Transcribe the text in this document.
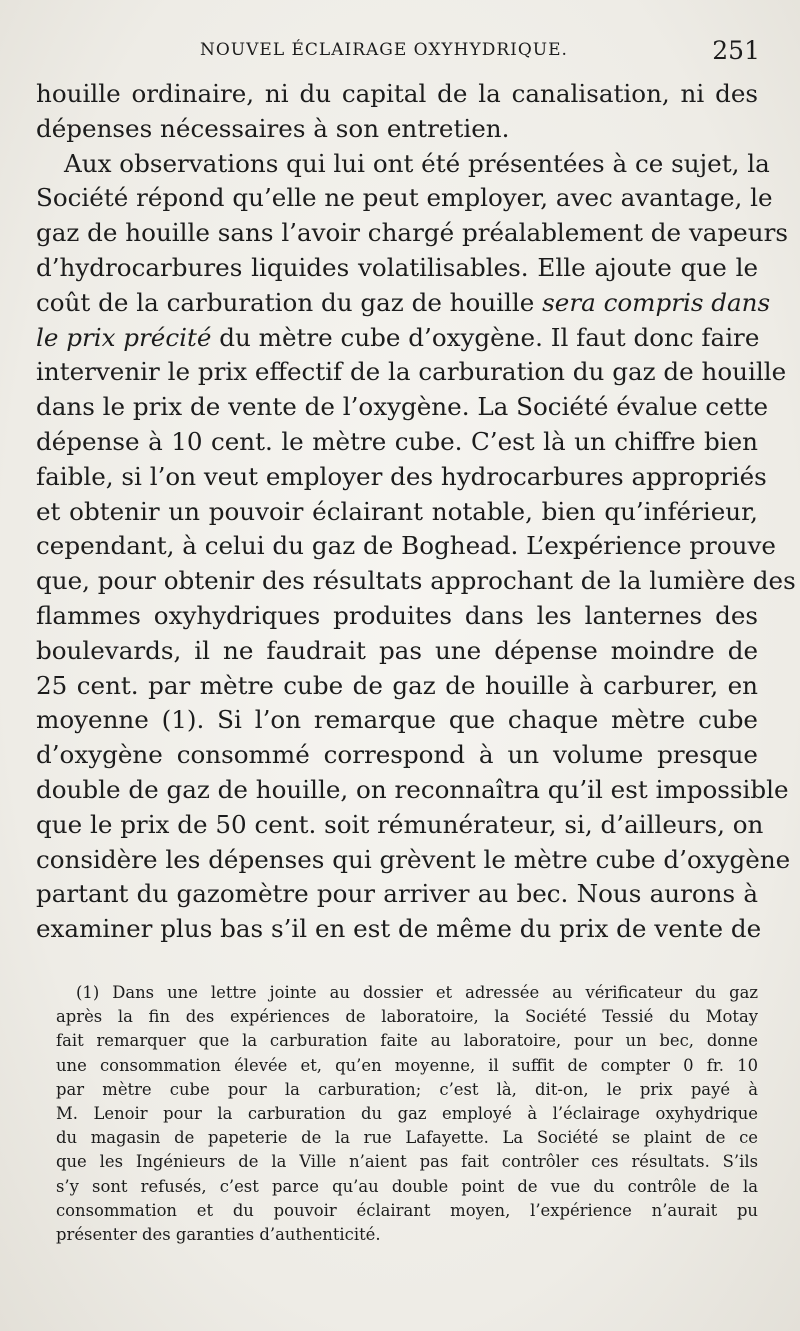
NOUVEL ÉCLAIRAGE OXYHYDRIQUE.	251
houille ordinaire, ni du capital de la canalisation, ni des
dépenses nécessaires à son entretien.
Aux observations qui lui ont été présentées à ce sujet, la
Société répond qu’elle ne peut employer, avec avantage, le
gaz de houille sans l’avoir chargé préalablement de vapeurs
d’hydrocarbures liquides volatilisables. Elle ajoute que le
coût de la carburation du gaz de houille sera compris dans
le prix précité du mètre cube d’oxygène. Il faut donc faire
intervenir le prix effectif de la carburation du gaz de houille
dans le prix de vente de l’oxygène. La Société évalue cette
dépense à 10 cent. le mètre cube. C’est là un chiffre bien
faible, si l’on veut employer des hydrocarbures appropriés
et obtenir un pouvoir éclairant notable, bien qu’inférieur,
cependant, à celui du gaz de Boghead. L’expérience prouve
que, pour obtenir des résultats approchant de la lumière des
flammes oxyhydriques produites dans les lanternes des
boulevards, il ne faudrait pas une dépense moindre de
25 cent. par mètre cube de gaz de houille à carburer, en
moyenne (1). Si l’on remarque que chaque mètre cube
d’oxygène consommé correspond à un volume presque
double de gaz de houille, on reconnaîtra qu’il est impossible
que le prix de 50 cent. soit rémunérateur, si, d’ailleurs, on
considère les dépenses qui grèvent le mètre cube d’oxygène
partant du gazomètre pour arriver au bec. Nous aurons à
examiner plus bas s’il en est de même du prix de vente de
(1) Dans une lettre jointe au dossier et adressée au vérificateur du gaz
après la fin des expériences de laboratoire, la Société Tessié du Motay
fait remarquer que la carburation faite au laboratoire, pour un bec, donne
une consommation élevée et, qu’en moyenne, il suffit de compter 0 fr. 10
par mètre cube pour la carburation; c’est là, dit-on, le prix payé à
M. Lenoir pour la carburation du gaz employé à l’éclairage oxyhydrique
du magasin de papeterie de la rue Lafayette. La Société se plaint de ce
que les Ingénieurs de la Ville n’aient pas fait contrôler ces résultats. S’ils
s’y sont refusés, c’est parce qu’au double point de vue du contrôle de la
consommation et du pouvoir éclairant moyen, l’expérience n’aurait pu
présenter des garanties d’authenticité.
